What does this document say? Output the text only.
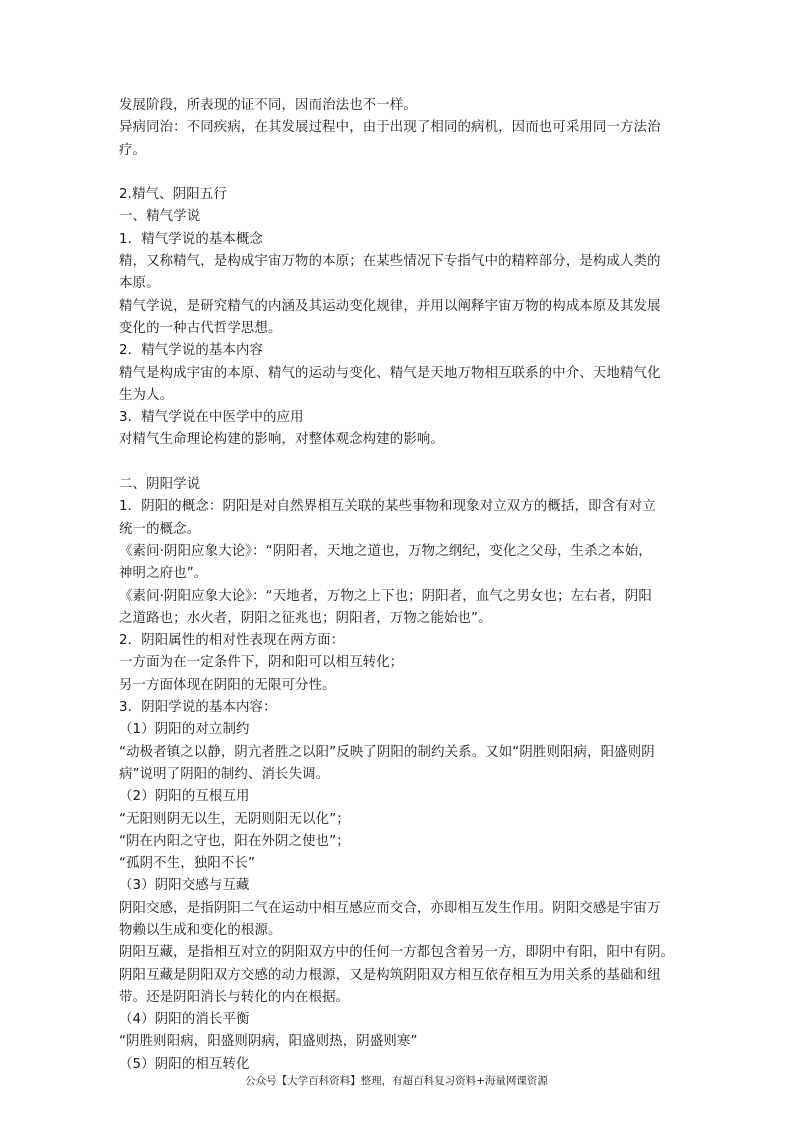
发展阶段，所表现的证不同，因而治法也不一样。
异病同治：不同疾病，在其发展过程中，由于出现了相同的病机，因而也可采用同一方法治
疗。
2.精气、阴阳五行
一、精气学说
1．精气学说的基本概念
精，又称精气，是构成宇宙万物的本原；在某些情况下专指气中的精粹部分，是构成人类的
本原。
精气学说，是研究精气的内涵及其运动变化规律，并用以阐释宇宙万物的构成本原及其发展
变化的一种古代哲学思想。
2．精气学说的基本内容
精气是构成宇宙的本原、精气的运动与变化、精气是天地万物相互联系的中介、天地精气化
生为人。
3．精气学说在中医学中的应用
对精气生命理论构建的影响，对整体观念构建的影响。
二、阴阳学说
1．阴阳的概念：阴阳是对自然界相互关联的某些事物和现象对立双方的概括，即含有对立
统一的概念。
《素问·阴阳应象大论》：“阴阳者，天地之道也，万物之纲纪，变化之父母，生杀之本始，
神明之府也”。
《素问·阴阳应象大论》：“天地者，万物之上下也；阴阳者，血气之男女也；左右者，阴阳
之道路也；水火者，阴阳之征兆也；阴阳者，万物之能始也”。
2．阴阳属性的相对性表现在两方面：
一方面为在一定条件下，阴和阳可以相互转化；
另一方面体现在阴阳的无限可分性。
3．阴阳学说的基本内容：
（1）阴阳的对立制约
“动极者镇之以静，阴亢者胜之以阳”反映了阴阳的制约关系。又如“阴胜则阳病，阳盛则阴
病”说明了阴阳的制约、消长失调。
（2）阴阳的互根互用
“无阳则阴无以生，无阴则阳无以化”；
“阴在内阳之守也，阳在外阴之使也”；
“孤阴不生，独阳不长”
（3）阴阳交感与互藏
阴阳交感，是指阴阳二气在运动中相互感应而交合，亦即相互发生作用。阴阳交感是宇宙万
物赖以生成和变化的根源。
阴阳互藏，是指相互对立的阴阳双方中的任何一方都包含着另一方，即阴中有阳，阳中有阴。
阴阳互藏是阴阳双方交感的动力根源，又是构筑阴阳双方相互依存相互为用关系的基础和纽
带。还是阴阳消长与转化的内在根据。
（4）阴阳的消长平衡
“阴胜则阳病，阳盛则阴病，阳盛则热，阴盛则寒”
（5）阴阳的相互转化
公众号【大学百科资料】整理，有超百科复习资料+海量网课资源
